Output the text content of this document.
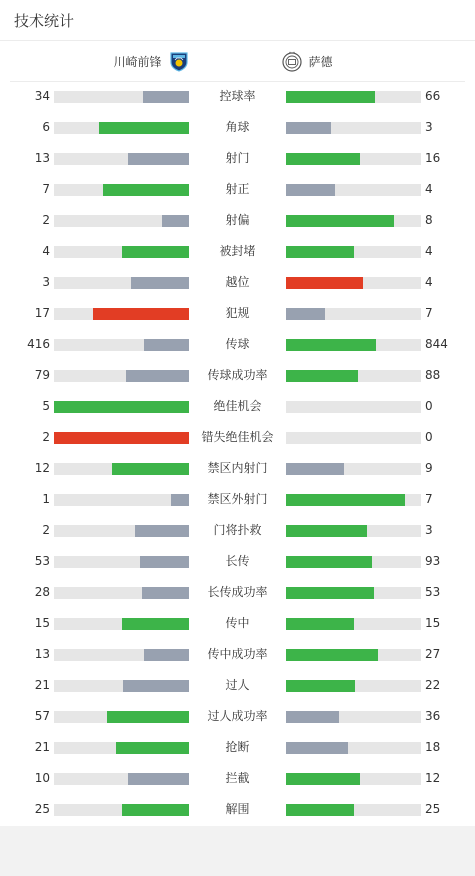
技术统计
川崎前锋	萨德
34	控球率	66
6	角球	3
13	射门	16
7	射正	4
2	射偏	8
4	被封堵	4
3	越位	4
17	犯规	7
416	传球	844
79	传球成功率	88
5	绝佳机会	0
2	错失绝佳机会	0
12	禁区内射门	9
1	禁区外射门	7
2	门将扑救	3
53	长传	93
28	长传成功率	53
15	传中	15
13	传中成功率	27
21	过人	22
57	过人成功率	36
21	抢断	18
10	拦截	12
25	解围	25
